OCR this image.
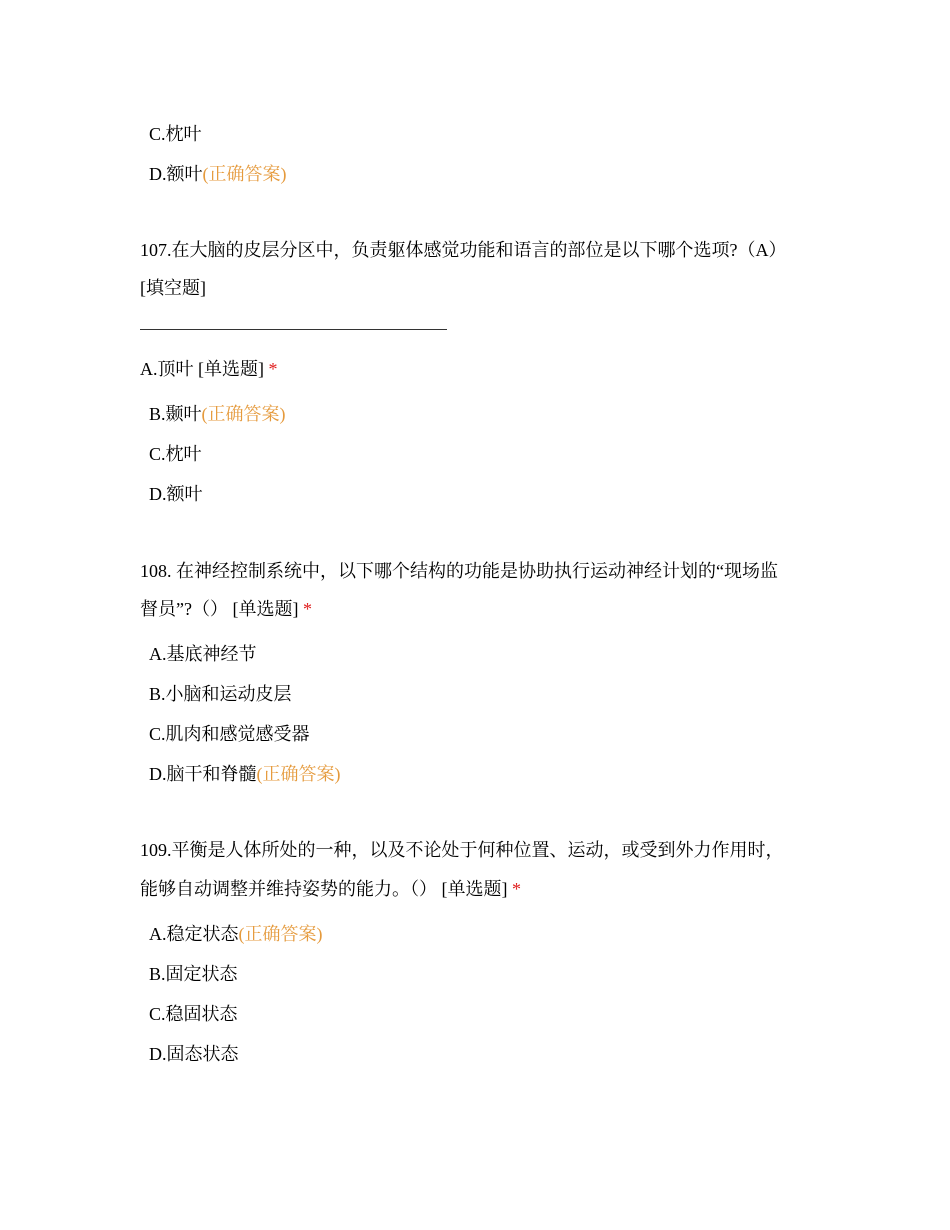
C.枕叶
D.额叶(正确答案)
107.在大脑的皮层分区中，负责躯体感觉功能和语言的部位是以下哪个选项?（A）
[填空题]
A.顶叶 [单选题] *
B.颞叶(正确答案)
C.枕叶
D.额叶
108. 在神经控制系统中，以下哪个结构的功能是协助执行运动神经计划的“现场监
督员”?（） [单选题] *
A.基底神经节
B.小脑和运动皮层
C.肌肉和感觉感受器
D.脑干和脊髓(正确答案)
109.平衡是人体所处的一种，以及不论处于何种位置、运动，或受到外力作用时，
能够自动调整并维持姿势的能力。（） [单选题] *
A.稳定状态(正确答案)
B.固定状态
C.稳固状态
D.固态状态
